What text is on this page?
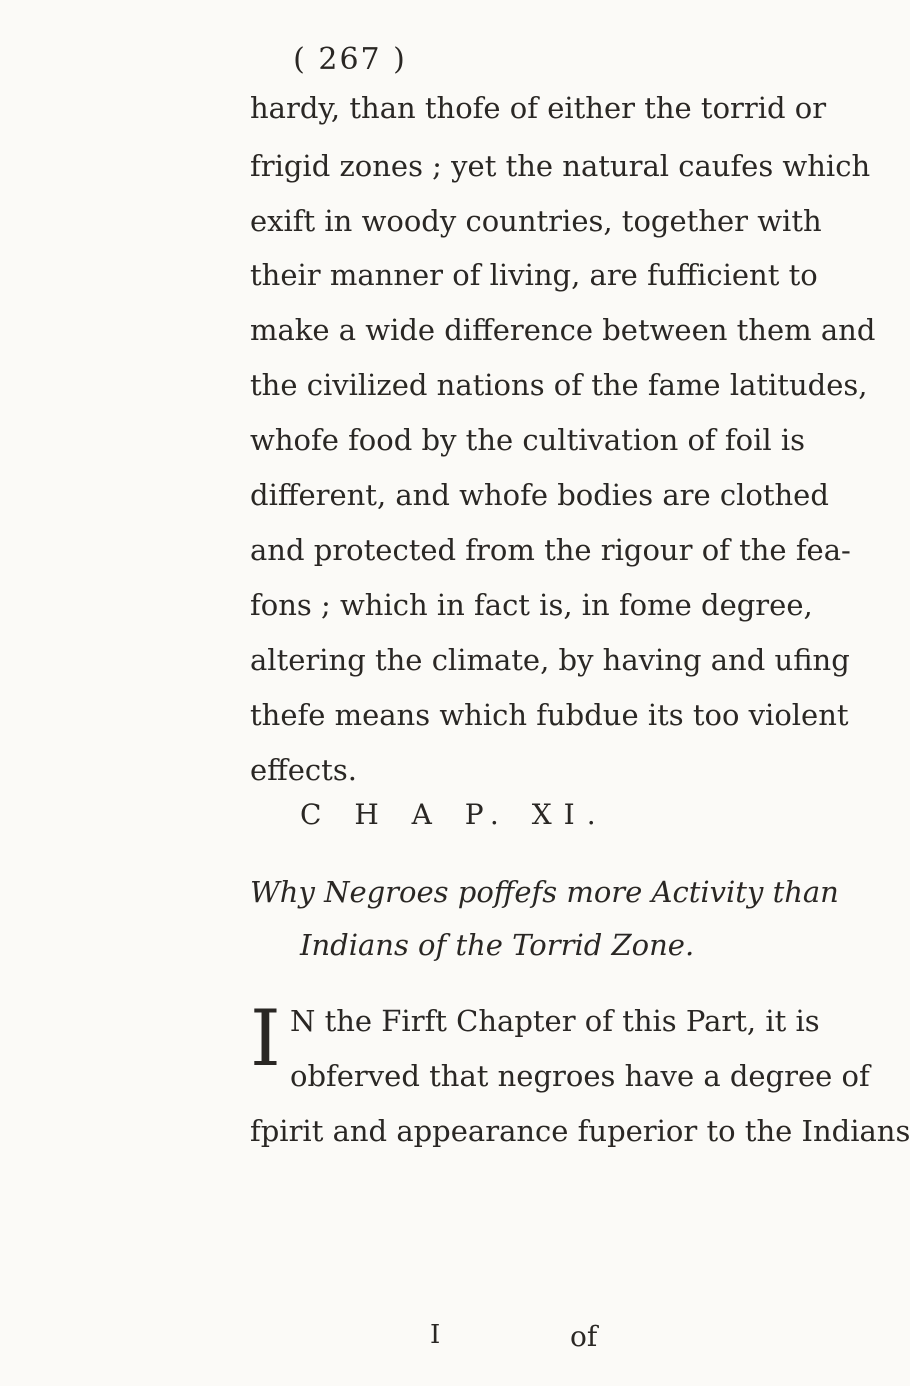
( 267 )
hardy, than thofe of either the torrid or
frigid zones ; yet the natural caufes which
exift in woody countries, together with
their manner of living, are fufficient to
make a wide difference between them and
the civilized nations of the fame latitudes,
whofe food by the cultivation of foil is
different, and whofe bodies are clothed
and protected from the rigour of the fea-
fons ; which in fact is, in fome degree,
altering the climate, by having and ufing
thefe means which fubdue its too violent
effects.
C H A P. XI.
Why Negroes poffefs more Activity than
Indians of the Torrid Zone.
I N the Firft Chapter of this Part, it is
obferved that negroes have a degree of
fpirit and appearance fuperior to the Indians
I	of
